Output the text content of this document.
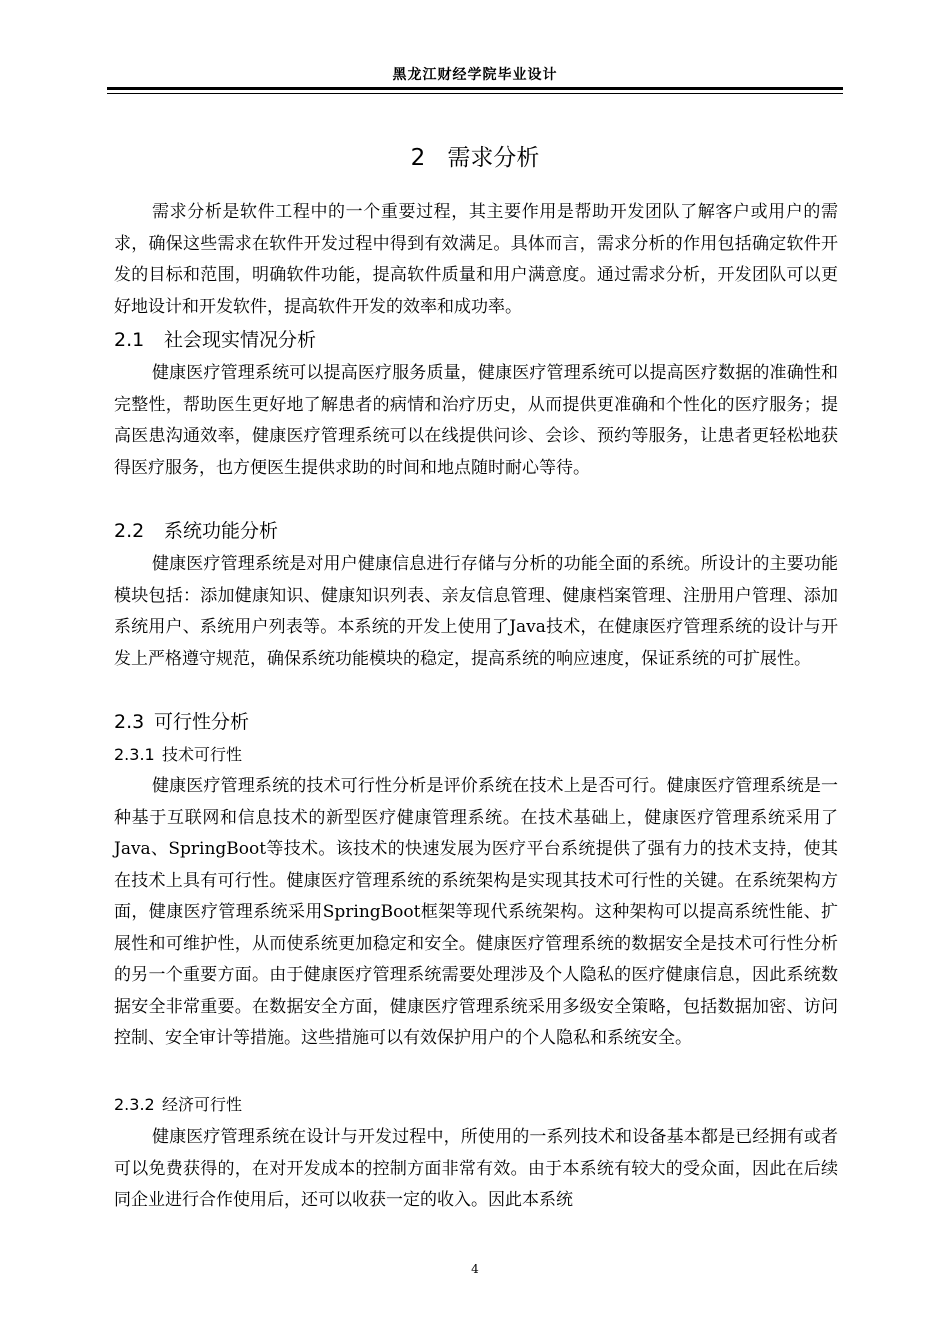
黑龙江财经学院毕业设计
2 需求分析

需求分析是软件工程中的一个重要过程，其主要作用是帮助开发团队了解客户或用户的需求，确保这些需求在软件开发过程中得到有效满足。具体而言，需求分析的作用包括确定软件开发的目标和范围，明确软件功能，提高软件质量和用户满意度。通过需求分析，开发团队可以更好地设计和开发软件，提高软件开发的效率和成功率。

2.1 社会现实情况分析

健康医疗管理系统可以提高医疗服务质量，健康医疗管理系统可以提高医疗数据的准确性和完整性，帮助医生更好地了解患者的病情和治疗历史，从而提供更准确和个性化的医疗服务；提高医患沟通效率，健康医疗管理系统可以在线提供问诊、会诊、预约等服务，让患者更轻松地获得医疗服务，也方便医生提供求助的时间和地点随时耐心等待。

2.2 系统功能分析

健康医疗管理系统是对用户健康信息进行存储与分析的功能全面的系统。所设计的主要功能模块包括：添加健康知识、健康知识列表、亲友信息管理、健康档案管理、注册用户管理、添加系统用户、系统用户列表等。本系统的开发上使用了Java技术，在健康医疗管理系统的设计与开发上严格遵守规范，确保系统功能模块的稳定，提高系统的响应速度，保证系统的可扩展性。

2.3 可行性分析
2.3.1 技术可行性

健康医疗管理系统的技术可行性分析是评价系统在技术上是否可行。健康医疗管理系统是一种基于互联网和信息技术的新型医疗健康管理系统。在技术基础上，健康医疗管理系统采用了Java、SpringBoot等技术。该技术的快速发展为医疗平台系统提供了强有力的技术支持，使其在技术上具有可行性。健康医疗管理系统的系统架构是实现其技术可行性的关键。在系统架构方面，健康医疗管理系统采用SpringBoot框架等现代系统架构。这种架构可以提高系统性能、扩展性和可维护性，从而使系统更加稳定和安全。健康医疗管理系统的数据安全是技术可行性分析的另一个重要方面。由于健康医疗管理系统需要处理涉及个人隐私的医疗健康信息，因此系统数据安全非常重要。在数据安全方面，健康医疗管理系统采用多级安全策略，包括数据加密、访问控制、安全审计等措施。这些措施可以有效保护用户的个人隐私和系统安全。

2.3.2 经济可行性

健康医疗管理系统在设计与开发过程中，所使用的一系列技术和设备基本都是已经拥有或者可以免费获得的，在对开发成本的控制方面非常有效。由于本系统有较大的受众面，因此在后续同企业进行合作使用后，还可以收获一定的收入。因此本系统

4
